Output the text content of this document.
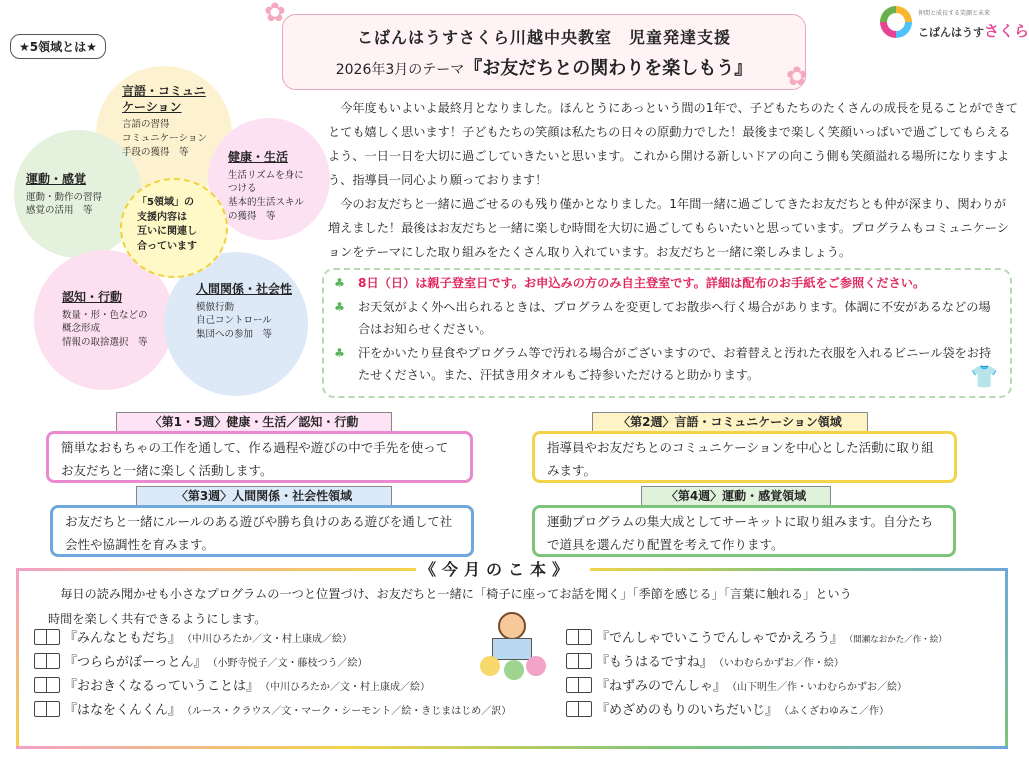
こばんはうすさくら川越中央教室　児童発達支援
2026年3月のテーマ『お友だちとの関わりを楽しもう』
✿
✿
仲間と成長する笑顔と未来
こばんはうすさくら
★5領域とは★
言語・コミュニ
ケーション
言語の習得
コミュニケーション
手段の獲得　等	健康・生活
生活リズムを身に
つける
基本的生活スキル
の獲得　等
運動・感覚
運動・動作の習得
感覚の活用　等
認知・行動
数量・形・色などの
概念形成
情報の取捨選択　等
人間関係・社会性
模倣行動
自己コントロール
集団への参加　等
「5領域」の
支援内容は
互いに関連し
合っています

今年度もいよいよ最終月となりました。ほんとうにあっという間の1年で、子どもたちのたくさんの成長を見ることができてとても嬉しく思います！子どもたちの笑顔は私たちの日々の原動力でした！最後まで楽しく笑顔いっぱいで過ごしてもらえるよう、一日一日を大切に過ごしていきたいと思います。これから開ける新しいドアの向こう側も笑顔溢れる場所になりますよう、指導員一同心より願っております！

今のお友だちと一緒に過ごせるのも残り僅かとなりました。1年間一緒に過ごしてきたお友だちとも仲が深まり、関わりが増えました！最後はお友だちと一緒に楽しむ時間を大切に過ごしてもらいたいと思っています。プログラムもコミュニケーションをテーマにした取り組みをたくさん取り入れています。お友だちと一緒に楽しみましょう。

♣	8日（日）は親子登室日です。お申込みの方のみ自主登室です。詳細は配布のお手紙をご参照ください。
♣	お天気がよく外へ出られるときは、プログラムを変更してお散歩へ行く場合があります。体調に不安があるなどの場合はお知らせください。
♣	汗をかいたり昼食やプログラム等で汚れる場合がございますので、お着替えと汚れた衣服を入れるビニール袋をお持たせください。また、汗拭き用タオルもご持参いただけると助かります。	👕
〈第1・5週〉健康・生活／認知・行動
簡単なおもちゃの工作を通して、作る過程や遊びの中で手先を使ってお友だちと一緒に楽しく活動します。
〈第2週〉言語・コミュニケーション領域
指導員やお友だちとのコミュニケーションを中心とした活動に取り組みます。
〈第3週〉人間関係・社会性領域
お友だちと一緒にルールのある遊びや勝ち負けのある遊びを通して社会性や協調性を育みます。
〈第4週〉運動・感覚領域
運動プログラムの集大成としてサーキットに取り組みます。自分たちで道具を選んだり配置を考えて作ります。
《今月のこ本》

毎日の読み聞かせも小さなプログラムの一つと位置づけ、お友だちと一緒に「椅子に座ってお話を聞く」「季節を感じる」「言葉に触れる」という

時間を楽しく共有できるようにします。

『みんなともだち』 （中川ひろたか／文・村上康成／絵）
『つららがぼーっとん』 （小野寺悦子／文・藤枝つう／絵）
『おおきくなるっていうことは』 （中川ひろたか／文・村上康成／絵）
『はなをくんくん』 （ルース・クラウス／文・マーク・シーモント／絵・きじまはじめ／訳）
『でんしゃでいこうでんしゃでかえろう』 （間瀬なおかた／作・絵）
『もうはるですね』 （いわむらかずお／作・絵）
『ねずみのでんしゃ』 （山下明生／作・いわむらかずお／絵）
『めざめのもりのいちだいじ』 （ふくざわゆみこ／作）
